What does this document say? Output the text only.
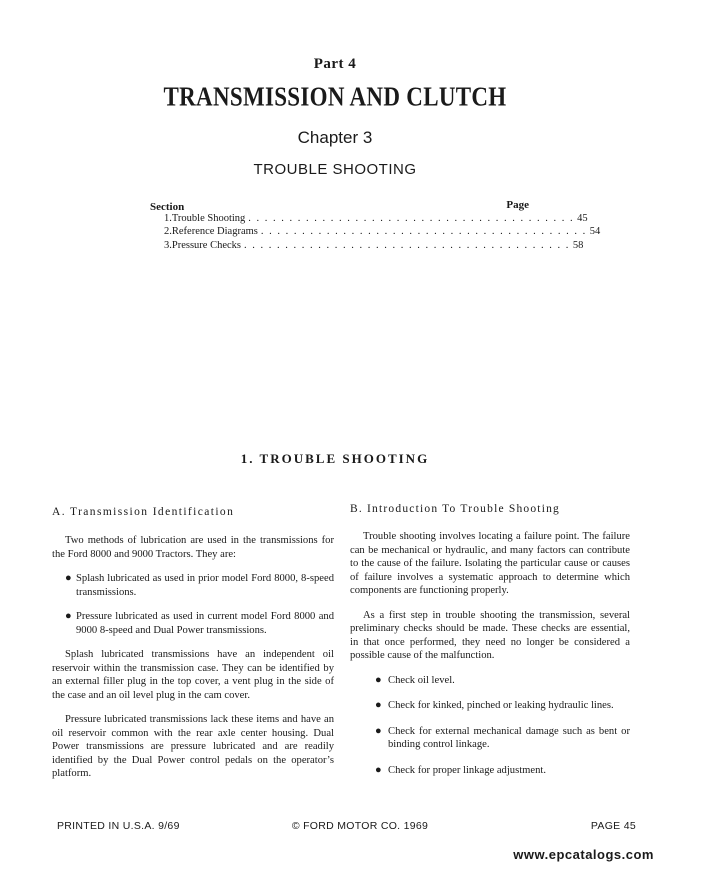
Part 4
TRANSMISSION AND CLUTCH
Chapter 3
TROUBLE SHOOTING
Section	Page
1. Trouble Shooting . . . . . . . . . . . . . . . . . . . . . . . . . . . . . . . . . . . . . . . . 45
2. Reference Diagrams . . . . . . . . . . . . . . . . . . . . . . . . . . . . . . . . . . . . . . . . 54
3. Pressure Checks . . . . . . . . . . . . . . . . . . . . . . . . . . . . . . . . . . . . . . . . 58
1. TROUBLE SHOOTING
A. Transmission Identification	B. Introduction To Trouble Shooting

Two methods of lubrication are used in the transmissions for the Ford 8000 and 9000 Tractors. They are:

● Splash lubricated as used in prior model Ford 8000, 8-speed transmissions.
● Pressure lubricated as used in current model Ford 8000 and 9000 8-speed and Dual Power transmissions.

Splash lubricated transmissions have an independent oil reservoir within the transmission case. They can be identified by an external filler plug in the top cover, a vent plug in the side of the case and an oil level plug in the cam cover.

Pressure lubricated transmissions lack these items and have an oil reservoir common with the rear axle center housing. Dual Power transmissions are pressure lubricated and are readily identified by the Dual Power control pedals on the operator’s platform.

Trouble shooting involves locating a failure point. The failure can be mechanical or hydraulic, and many factors can contribute to the cause of the failure. Isolating the particular cause or causes of failure involves a systematic approach to determine which components are functioning properly.

As a first step in trouble shooting the transmission, several preliminary checks should be made. These checks are essential, in that once performed, they need no longer be considered a possible cause of the malfunction.

● Check oil level.
● Check for kinked, pinched or leaking hydraulic lines.
● Check for external mechanical damage such as bent or binding control linkage.
● Check for proper linkage adjustment.
PRINTED IN U.S.A. 9/69	© FORD MOTOR CO. 1969	PAGE 45
www.epcatalogs.com
